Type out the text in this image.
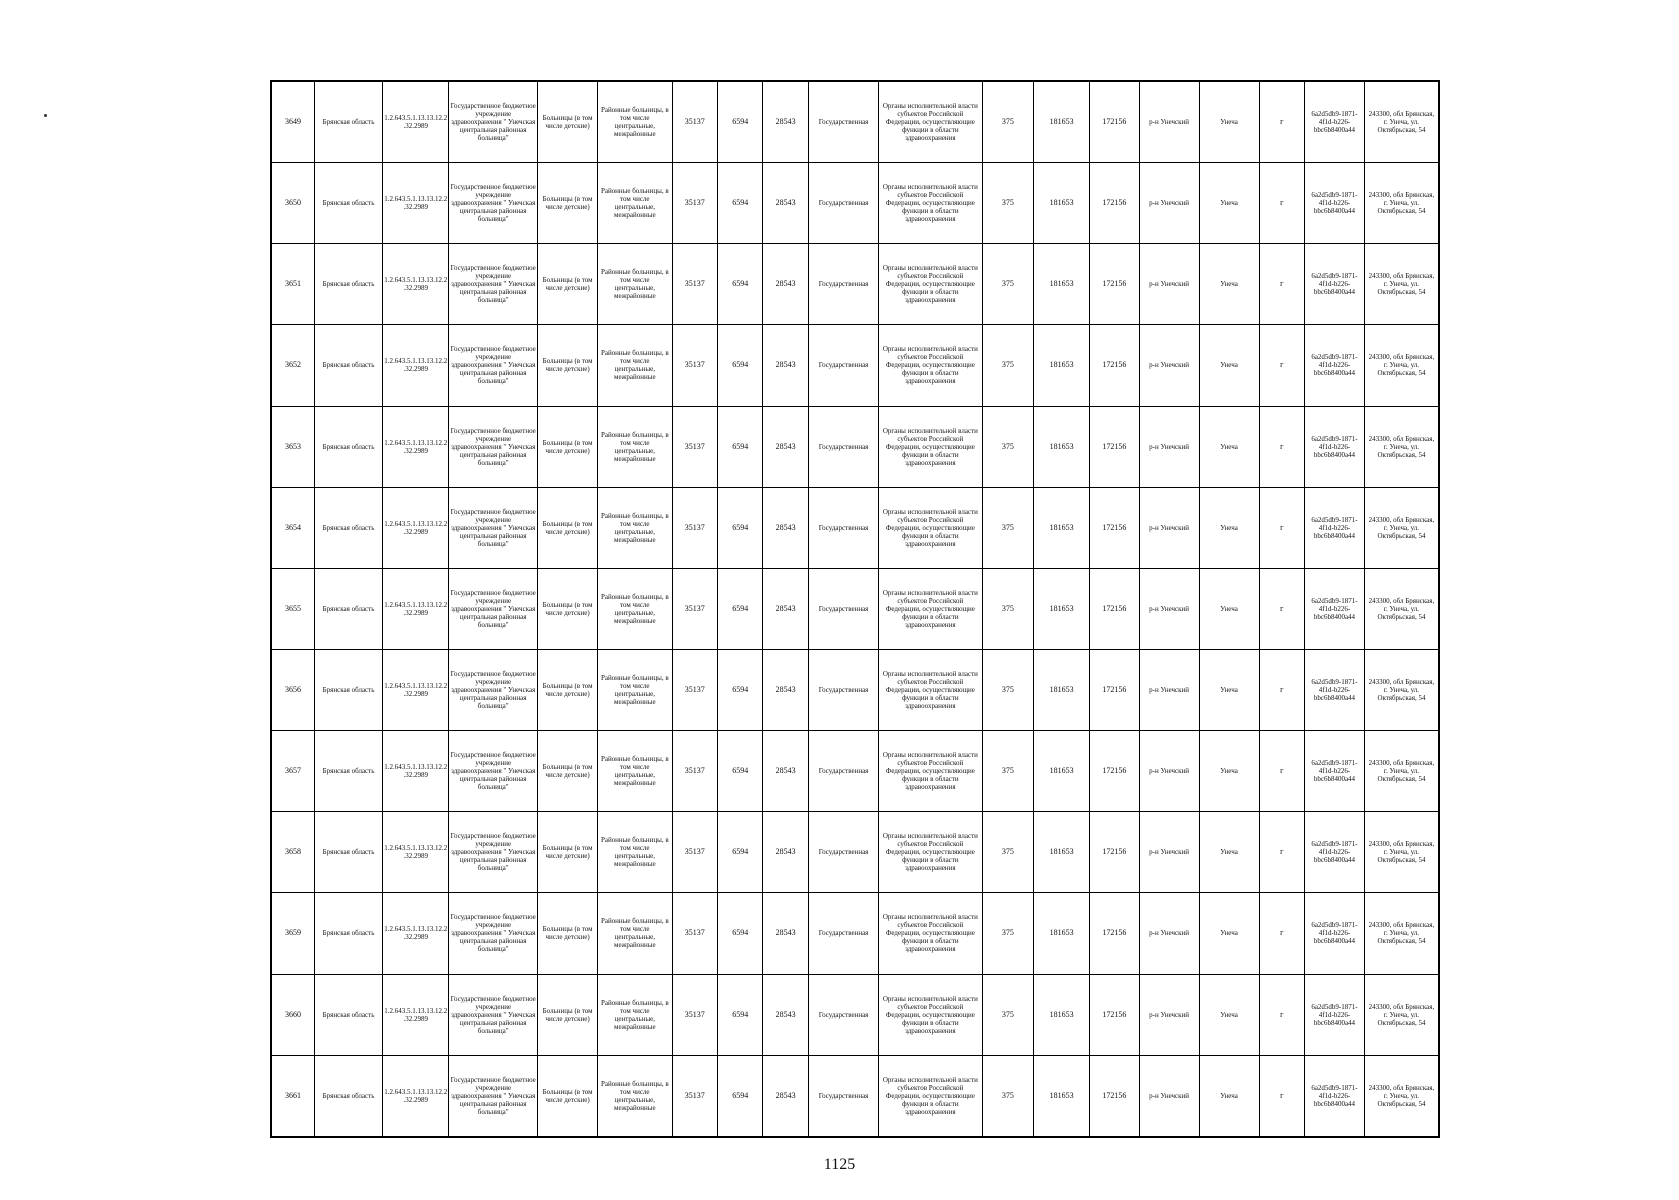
3649	Брянская область	1.2.643.5.1.13.13.12.2.32.2989	Государственное бюджетное учреждение здравоохранения " Унечская центральная районная больница"	Больницы (в том числе детские)	Районные больницы, в том числе центральные, межрайонные	35137	6594	28543	Государственная	Органы исполнительной власти субъектов Российской Федерации, осуществляющие функции в области здравоохранения	375	181653	172156	р-н Унечский	Унеча	г	6a2d5db9-1871-4f1d-b226-bbc6b8400a44	243300, обл Брянская, г. Унеча, ул. Октябрьская, 54
3650	Брянская область	1.2.643.5.1.13.13.12.2.32.2989	Государственное бюджетное учреждение здравоохранения " Унечская центральная районная больница"	Больницы (в том числе детские)	Районные больницы, в том числе центральные, межрайонные	35137	6594	28543	Государственная	Органы исполнительной власти субъектов Российской Федерации, осуществляющие функции в области здравоохранения	375	181653	172156	р-н Унечский	Унеча	г	6a2d5db9-1871-4f1d-b226-bbc6b8400a44	243300, обл Брянская, г. Унеча, ул. Октябрьская, 54
3651	Брянская область	1.2.643.5.1.13.13.12.2.32.2989	Государственное бюджетное учреждение здравоохранения " Унечская центральная районная больница"	Больницы (в том числе детские)	Районные больницы, в том числе центральные, межрайонные	35137	6594	28543	Государственная	Органы исполнительной власти субъектов Российской Федерации, осуществляющие функции в области здравоохранения	375	181653	172156	р-н Унечский	Унеча	г	6a2d5db9-1871-4f1d-b226-bbc6b8400a44	243300, обл Брянская, г. Унеча, ул. Октябрьская, 54
3652	Брянская область	1.2.643.5.1.13.13.12.2.32.2989	Государственное бюджетное учреждение здравоохранения " Унечская центральная районная больница"	Больницы (в том числе детские)	Районные больницы, в том числе центральные, межрайонные	35137	6594	28543	Государственная	Органы исполнительной власти субъектов Российской Федерации, осуществляющие функции в области здравоохранения	375	181653	172156	р-н Унечский	Унеча	г	6a2d5db9-1871-4f1d-b226-bbc6b8400a44	243300, обл Брянская, г. Унеча, ул. Октябрьская, 54
3653	Брянская область	1.2.643.5.1.13.13.12.2.32.2989	Государственное бюджетное учреждение здравоохранения " Унечская центральная районная больница"	Больницы (в том числе детские)	Районные больницы, в том числе центральные, межрайонные	35137	6594	28543	Государственная	Органы исполнительной власти субъектов Российской Федерации, осуществляющие функции в области здравоохранения	375	181653	172156	р-н Унечский	Унеча	г	6a2d5db9-1871-4f1d-b226-bbc6b8400a44	243300, обл Брянская, г. Унеча, ул. Октябрьская, 54
3654	Брянская область	1.2.643.5.1.13.13.12.2.32.2989	Государственное бюджетное учреждение здравоохранения " Унечская центральная районная больница"	Больницы (в том числе детские)	Районные больницы, в том числе центральные, межрайонные	35137	6594	28543	Государственная	Органы исполнительной власти субъектов Российской Федерации, осуществляющие функции в области здравоохранения	375	181653	172156	р-н Унечский	Унеча	г	6a2d5db9-1871-4f1d-b226-bbc6b8400a44	243300, обл Брянская, г. Унеча, ул. Октябрьская, 54
3655	Брянская область	1.2.643.5.1.13.13.12.2.32.2989	Государственное бюджетное учреждение здравоохранения " Унечская центральная районная больница"	Больницы (в том числе детские)	Районные больницы, в том числе центральные, межрайонные	35137	6594	28543	Государственная	Органы исполнительной власти субъектов Российской Федерации, осуществляющие функции в области здравоохранения	375	181653	172156	р-н Унечский	Унеча	г	6a2d5db9-1871-4f1d-b226-bbc6b8400a44	243300, обл Брянская, г. Унеча, ул. Октябрьская, 54
3656	Брянская область	1.2.643.5.1.13.13.12.2.32.2989	Государственное бюджетное учреждение здравоохранения " Унечская центральная районная больница"	Больницы (в том числе детские)	Районные больницы, в том числе центральные, межрайонные	35137	6594	28543	Государственная	Органы исполнительной власти субъектов Российской Федерации, осуществляющие функции в области здравоохранения	375	181653	172156	р-н Унечский	Унеча	г	6a2d5db9-1871-4f1d-b226-bbc6b8400a44	243300, обл Брянская, г. Унеча, ул. Октябрьская, 54
3657	Брянская область	1.2.643.5.1.13.13.12.2.32.2989	Государственное бюджетное учреждение здравоохранения " Унечская центральная районная больница"	Больницы (в том числе детские)	Районные больницы, в том числе центральные, межрайонные	35137	6594	28543	Государственная	Органы исполнительной власти субъектов Российской Федерации, осуществляющие функции в области здравоохранения	375	181653	172156	р-н Унечский	Унеча	г	6a2d5db9-1871-4f1d-b226-bbc6b8400a44	243300, обл Брянская, г. Унеча, ул. Октябрьская, 54
3658	Брянская область	1.2.643.5.1.13.13.12.2.32.2989	Государственное бюджетное учреждение здравоохранения " Унечская центральная районная больница"	Больницы (в том числе детские)	Районные больницы, в том числе центральные, межрайонные	35137	6594	28543	Государственная	Органы исполнительной власти субъектов Российской Федерации, осуществляющие функции в области здравоохранения	375	181653	172156	р-н Унечский	Унеча	г	6a2d5db9-1871-4f1d-b226-bbc6b8400a44	243300, обл Брянская, г. Унеча, ул. Октябрьская, 54
3659	Брянская область	1.2.643.5.1.13.13.12.2.32.2989	Государственное бюджетное учреждение здравоохранения " Унечская центральная районная больница"	Больницы (в том числе детские)	Районные больницы, в том числе центральные, межрайонные	35137	6594	28543	Государственная	Органы исполнительной власти субъектов Российской Федерации, осуществляющие функции в области здравоохранения	375	181653	172156	р-н Унечский	Унеча	г	6a2d5db9-1871-4f1d-b226-bbc6b8400a44	243300, обл Брянская, г. Унеча, ул. Октябрьская, 54
3660	Брянская область	1.2.643.5.1.13.13.12.2.32.2989	Государственное бюджетное учреждение здравоохранения " Унечская центральная районная больница"	Больницы (в том числе детские)	Районные больницы, в том числе центральные, межрайонные	35137	6594	28543	Государственная	Органы исполнительной власти субъектов Российской Федерации, осуществляющие функции в области здравоохранения	375	181653	172156	р-н Унечский	Унеча	г	6a2d5db9-1871-4f1d-b226-bbc6b8400a44	243300, обл Брянская, г. Унеча, ул. Октябрьская, 54
3661	Брянская область	1.2.643.5.1.13.13.12.2.32.2989	Государственное бюджетное учреждение здравоохранения " Унечская центральная районная больница"	Больницы (в том числе детские)	Районные больницы, в том числе центральные, межрайонные	35137	6594	28543	Государственная	Органы исполнительной власти субъектов Российской Федерации, осуществляющие функции в области здравоохранения	375	181653	172156	р-н Унечский	Унеча	г	6a2d5db9-1871-4f1d-b226-bbc6b8400a44	243300, обл Брянская, г. Унеча, ул. Октябрьская, 54
1125
